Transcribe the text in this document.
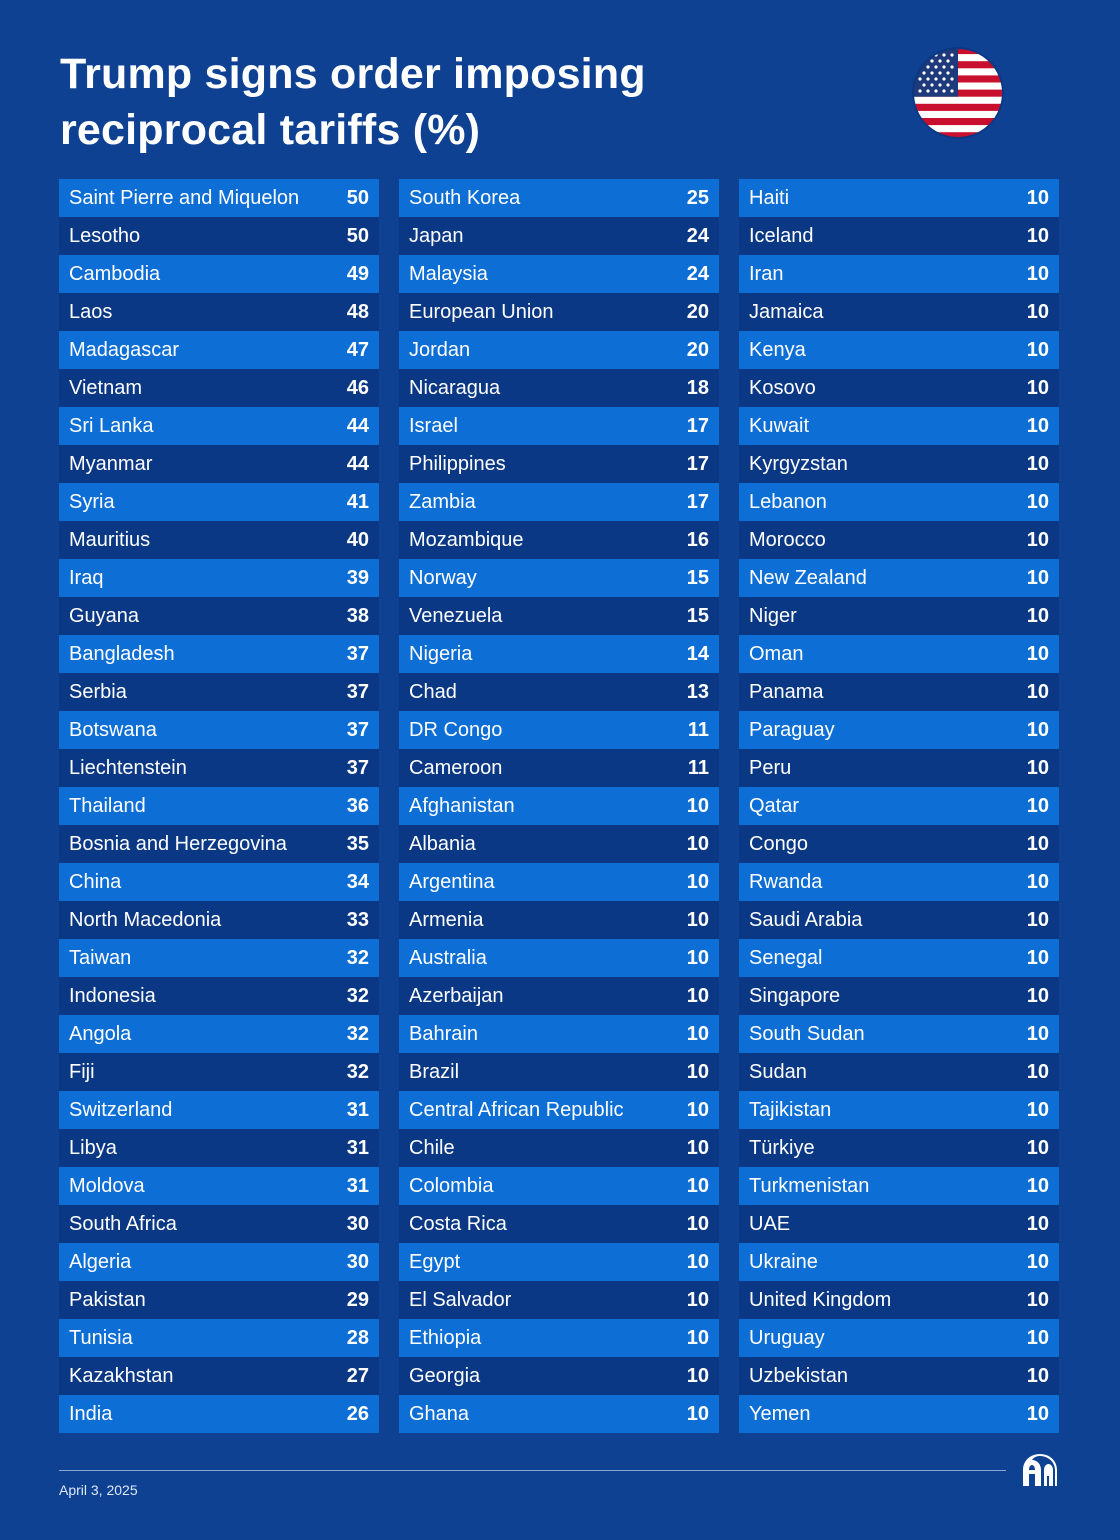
Trump signs order imposing
reciprocal tariffs (%)
Saint Pierre and Miquelon 50
Lesotho	50
Cambodia	49
Laos	48
Madagascar	47
Vietnam	46
Sri Lanka	44
Myanmar	44
Syria	41
Mauritius	40
Iraq	39
Guyana	38
Bangladesh	37
Serbia	37
Botswana	37
Liechtenstein	37
Thailand	36
Bosnia and Herzegovina	35
China	34
North Macedonia	33
Taiwan	32
Indonesia	32
Angola	32
Fiji	32
Switzerland	31
Libya	31
Moldova	31
South Africa	30
Algeria	30
Pakistan	29
Tunisia	28
Kazakhstan	27
India	26
South Korea	25
Japan	24
Malaysia	24
European Union	20
Jordan	20
Nicaragua	18
Israel	17
Philippines	17
Zambia	17
Mozambique	16
Norway	15
Venezuela	15
Nigeria	14
Chad	13
DR Congo	11
Cameroon	11
Afghanistan	10
Albania	10
Argentina	10
Armenia	10
Australia	10
Azerbaijan	10
Bahrain	10
Brazil	10
Central African Republic	10
Chile	10
Colombia	10
Costa Rica	10
Egypt	10
El Salvador	10
Ethiopia	10
Georgia	10
Ghana	10
Haiti	10
Iceland	10
Iran	10
Jamaica	10
Kenya	10
Kosovo	10
Kuwait	10
Kyrgyzstan	10
Lebanon	10
Morocco	10
New Zealand	10
Niger	10
Oman	10
Panama	10
Paraguay	10
Peru	10
Qatar	10
Congo	10
Rwanda	10
Saudi Arabia	10
Senegal	10
Singapore	10
South Sudan	10
Sudan	10
Tajikistan	10
Türkiye	10
Turkmenistan	10
UAE	10
Ukraine	10
United Kingdom	10
Uruguay	10
Uzbekistan	10
Yemen	10
April 3, 2025
